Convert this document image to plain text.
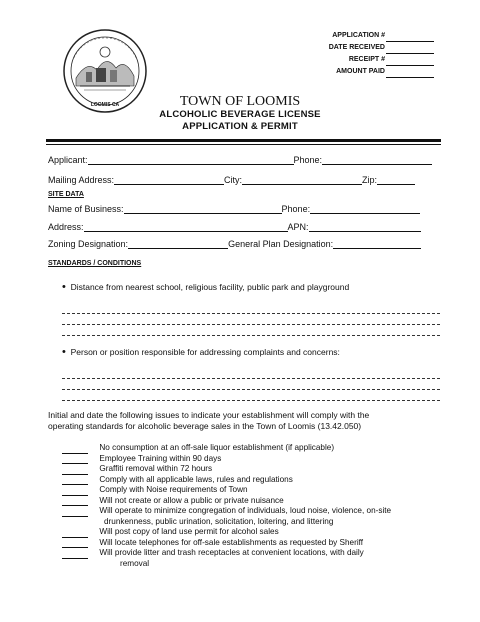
LOOMIS CA
APPLICATION #
DATE RECEIVED
RECEIPT #
AMOUNT PAID
TOWN OF LOOMIS
ALCOHOLIC BEVERAGE LICENSE
APPLICATION & PERMIT
Applicant:	Phone:
Mailing Address:	City:	Zip:
SITE DATA
Name of Business:	Phone:
Address:	APN:
Zoning Designation:	General Plan Designation:
STANDARDS / CONDITIONS
• Distance from nearest school, religious facility, public park and playground
• Person or position responsible for addressing complaints and concerns:
Initial and date the following issues to indicate your establishment will comply with the
operating standards for alcoholic beverage sales in the Town of Loomis (13.42.050)
No consumption at an off-sale liquor establishment (if applicable)
Employee Training within 90 days
Graffiti removal within 72 hours
Comply with all applicable laws, rules and regulations
Comply with Noise requirements of Town
Will not create or allow a public or private nuisance
Will operate to minimize congregation of individuals, loud noise, violence, on-site
drunkenness, public urination, solicitation, loitering, and littering
Will post copy of land use permit for alcohol sales
Will locate telephones for off-sale establishments as requested by Sheriff
Will provide litter and trash receptacles at convenient locations, with daily
removal
